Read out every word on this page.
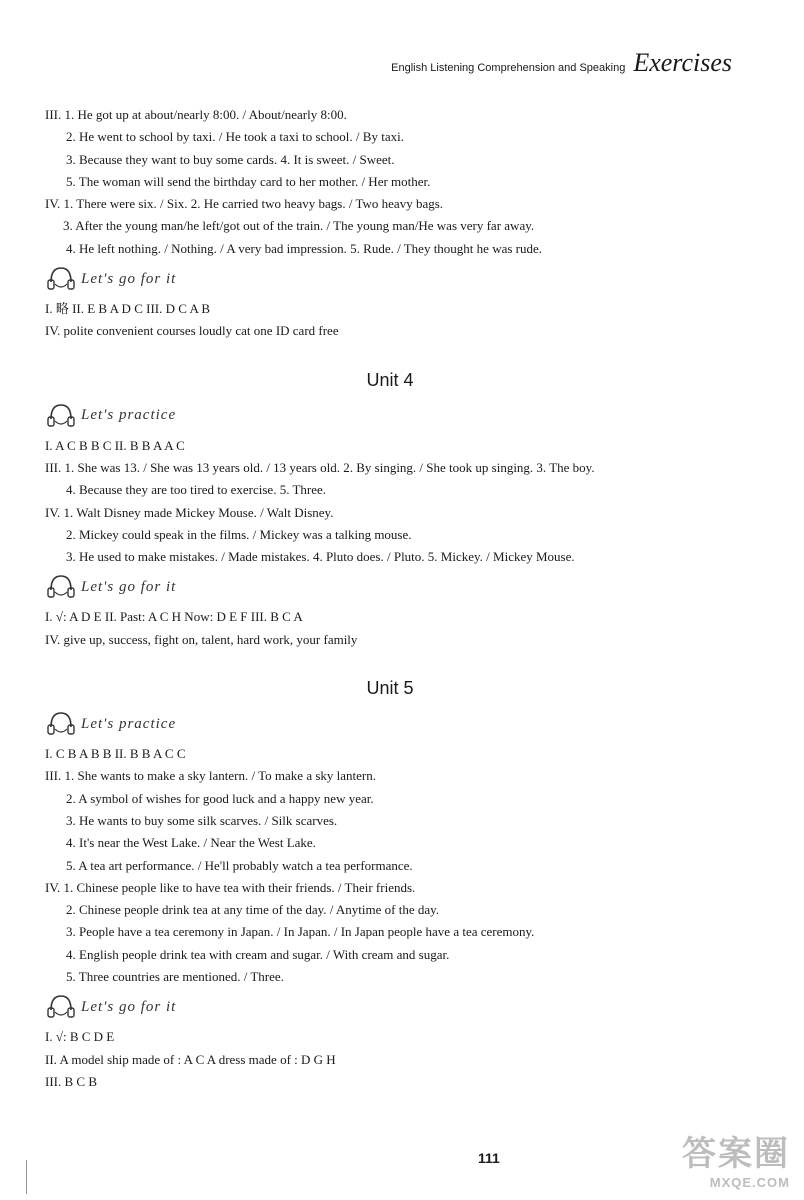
English Listening Comprehension and Speaking Exercises
III. 1. He got up at about/nearly 8:00. / About/nearly 8:00.
2. He went to school by taxi. / He took a taxi to school. / By taxi.
3. Because they want to buy some cards. 4. It is sweet. / Sweet.
5. The woman will send the birthday card to her mother. / Her mother.
IV. 1. There were six. / Six. 2. He carried two heavy bags. / Two heavy bags.
3. After the young man/he left/got out of the train. / The young man/He was very far away.
4. He left nothing. / Nothing. / A very bad impression. 5. Rude. / They thought he was rude.
Let's go for it
I. 略 II. E B A D C III. D C A B
IV. polite convenient courses loudly cat one ID card free
Unit 4
Let's practice
I. A C B B C II. B B A A C
III. 1. She was 13. / She was 13 years old. / 13 years old. 2. By singing. / She took up singing. 3. The boy.
4. Because they are too tired to exercise. 5. Three.
IV. 1. Walt Disney made Mickey Mouse. / Walt Disney.
2. Mickey could speak in the films. / Mickey was a talking mouse.
3. He used to make mistakes. / Made mistakes. 4. Pluto does. / Pluto. 5. Mickey. / Mickey Mouse.
Let's go for it
I. √: A D E II. Past: A C H Now: D E F III. B C A
IV. give up, success, fight on, talent, hard work, your family
Unit 5
Let's practice
I. C B A B B II. B B A C C
III. 1. She wants to make a sky lantern. / To make a sky lantern.
2. A symbol of wishes for good luck and a happy new year.
3. He wants to buy some silk scarves. / Silk scarves.
4. It's near the West Lake. / Near the West Lake.
5. A tea art performance. / He'll probably watch a tea performance.
IV. 1. Chinese people like to have tea with their friends. / Their friends.
2. Chinese people drink tea at any time of the day. / Anytime of the day.
3. People have a tea ceremony in Japan. / In Japan. / In Japan people have a tea ceremony.
4. English people drink tea with cream and sugar. / With cream and sugar.
5. Three countries are mentioned. / Three.
Let's go for it
I. √: B C D E
II. A model ship made of : A C A dress made of : D G H
III. B C B
111	答案圈
MXQE.COM
